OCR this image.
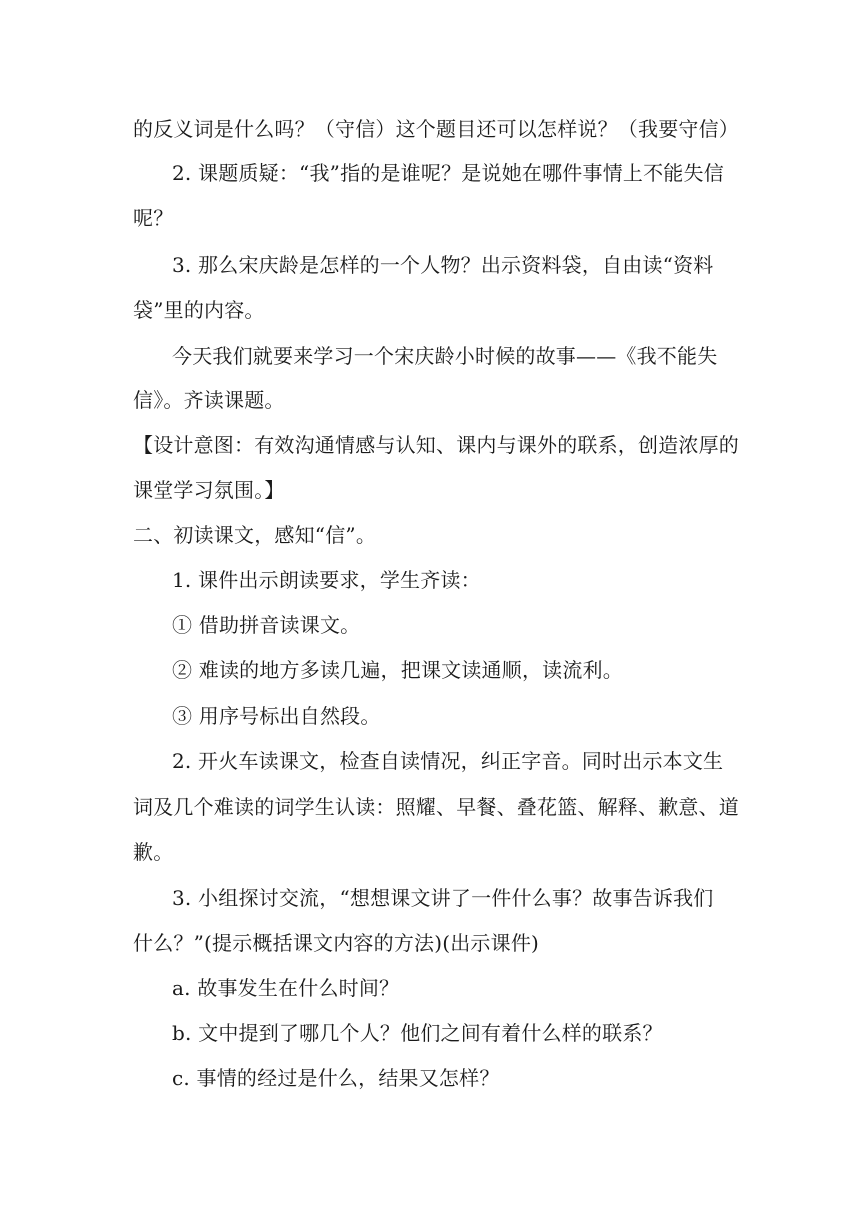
的反义词是什么吗？（守信）这个题目还可以怎样说？（我要守信）
2. 课题质疑：“我”指的是谁呢？是说她在哪件事情上不能失信
呢？
3. 那么宋庆龄是怎样的一个人物？出示资料袋，自由读“资料
袋”里的内容。
今天我们就要来学习一个宋庆龄小时候的故事——《我不能失
信》。齐读课题。
【设计意图：有效沟通情感与认知、课内与课外的联系，创造浓厚的
课堂学习氛围。】
二、初读课文，感知“信”。
1. 课件出示朗读要求，学生齐读：
① 借助拼音读课文。
② 难读的地方多读几遍，把课文读通顺，读流利。
③ 用序号标出自然段。
2. 开火车读课文，检查自读情况，纠正字音。同时出示本文生
词及几个难读的词学生认读：照耀、早餐、叠花篮、解释、歉意、道
歉。
3. 小组探讨交流，“想想课文讲了一件什么事？故事告诉我们
什么？”(提示概括课文内容的方法)(出示课件)
a. 故事发生在什么时间？
b. 文中提到了哪几个人？他们之间有着什么样的联系？
c. 事情的经过是什么，结果又怎样？
